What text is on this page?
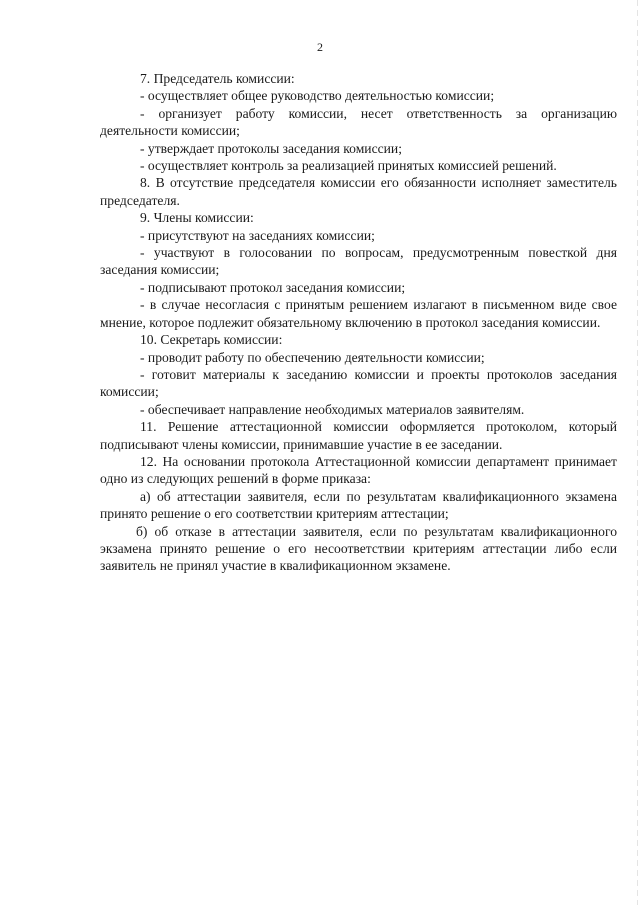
2

7. Председатель комиссии:

- осуществляет общее руководство деятельностью комиссии;

- организует работу комиссии, несет ответственность за организацию деятельности комиссии;

- утверждает протоколы заседания комиссии;

- осуществляет контроль за реализацией принятых комиссией решений.

8. В отсутствие председателя комиссии его обязанности исполняет заместитель председателя.

9. Члены комиссии:

- присутствуют на заседаниях комиссии;

- участвуют в голосовании по вопросам, предусмотренным повесткой дня заседания комиссии;

- подписывают протокол заседания комиссии;

- в случае несогласия с принятым решением излагают в письменном виде свое мнение, которое подлежит обязательному включению в протокол заседания комиссии.

10. Секретарь комиссии:

- проводит работу по обеспечению деятельности комиссии;

- готовит материалы к заседанию комиссии и проекты протоколов заседания комиссии;

- обеспечивает направление необходимых материалов заявителям.

11. Решение аттестационной комиссии оформляется протоколом, который подписывают члены комиссии, принимавшие участие в ее заседании.

12. На основании протокола Аттестационной комиссии департамент принимает одно из следующих решений в форме приказа:

а) об аттестации заявителя, если по результатам квалификационного экзамена принято решение о его соответствии критериям аттестации;

б) об отказе в аттестации заявителя, если по результатам квалификационного экзамена принято решение о его несоответствии критериям аттестации либо если заявитель не принял участие в квалификационном экзамене.
